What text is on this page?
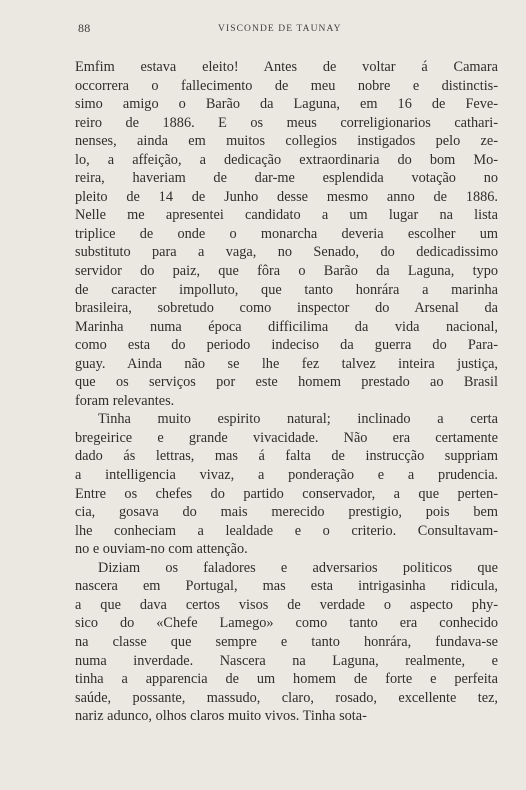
88	VISCONDE DE TAUNAY
Emfim estava eleito! Antes de voltar á Camara
occorrera o fallecimento de meu nobre e distinctis-
simo amigo o Barão da Laguna, em 16 de Feve-
reiro de 1886. E os meus correligionarios cathari-
nenses, ainda em muitos collegios instigados pelo ze-
lo, a affeição, a dedicação extraordinaria do bom Mo-
reira, haveriam de dar-me esplendida votação no
pleito de 14 de Junho desse mesmo anno de 1886.
Nelle me apresentei candidato a um lugar na lista
triplice de onde o monarcha deveria escolher um
substituto para a vaga, no Senado, do dedicadissimo
servidor do paiz, que fôra o Barão da Laguna, typo
de caracter impolluto, que tanto honrára a marinha
brasileira, sobretudo como inspector do Arsenal da
Marinha numa época difficilima da vida nacional,
como esta do periodo indeciso da guerra do Para-
guay. Ainda não se lhe fez talvez inteira justiça,
que os serviços por este homem prestado ao Brasil
foram relevantes.
Tinha muito espirito natural; inclinado a certa
bregeirice e grande vivacidade. Não era certamente
dado ás lettras, mas á falta de instrucção suppriam
a intelligencia vivaz, a ponderação e a prudencia.
Entre os chefes do partido conservador, a que perten-
cia, gosava do mais merecido prestigio, pois bem
lhe conheciam a lealdade e o criterio. Consultavam-
no e ouviam-no com attenção.
Diziam os faladores e adversarios politicos que
nascera em Portugal, mas esta intrigasinha ridicula,
a que dava certos visos de verdade o aspecto phy-
sico do «Chefe Lamego» como tanto era conhecido
na classe que sempre e tanto honrára, fundava-se
numa inverdade. Nascera na Laguna, realmente, e
tinha a apparencia de um homem de forte e perfeita
saúde, possante, massudo, claro, rosado, excellente tez,
nariz adunco, olhos claros muito vivos. Tinha sota-
